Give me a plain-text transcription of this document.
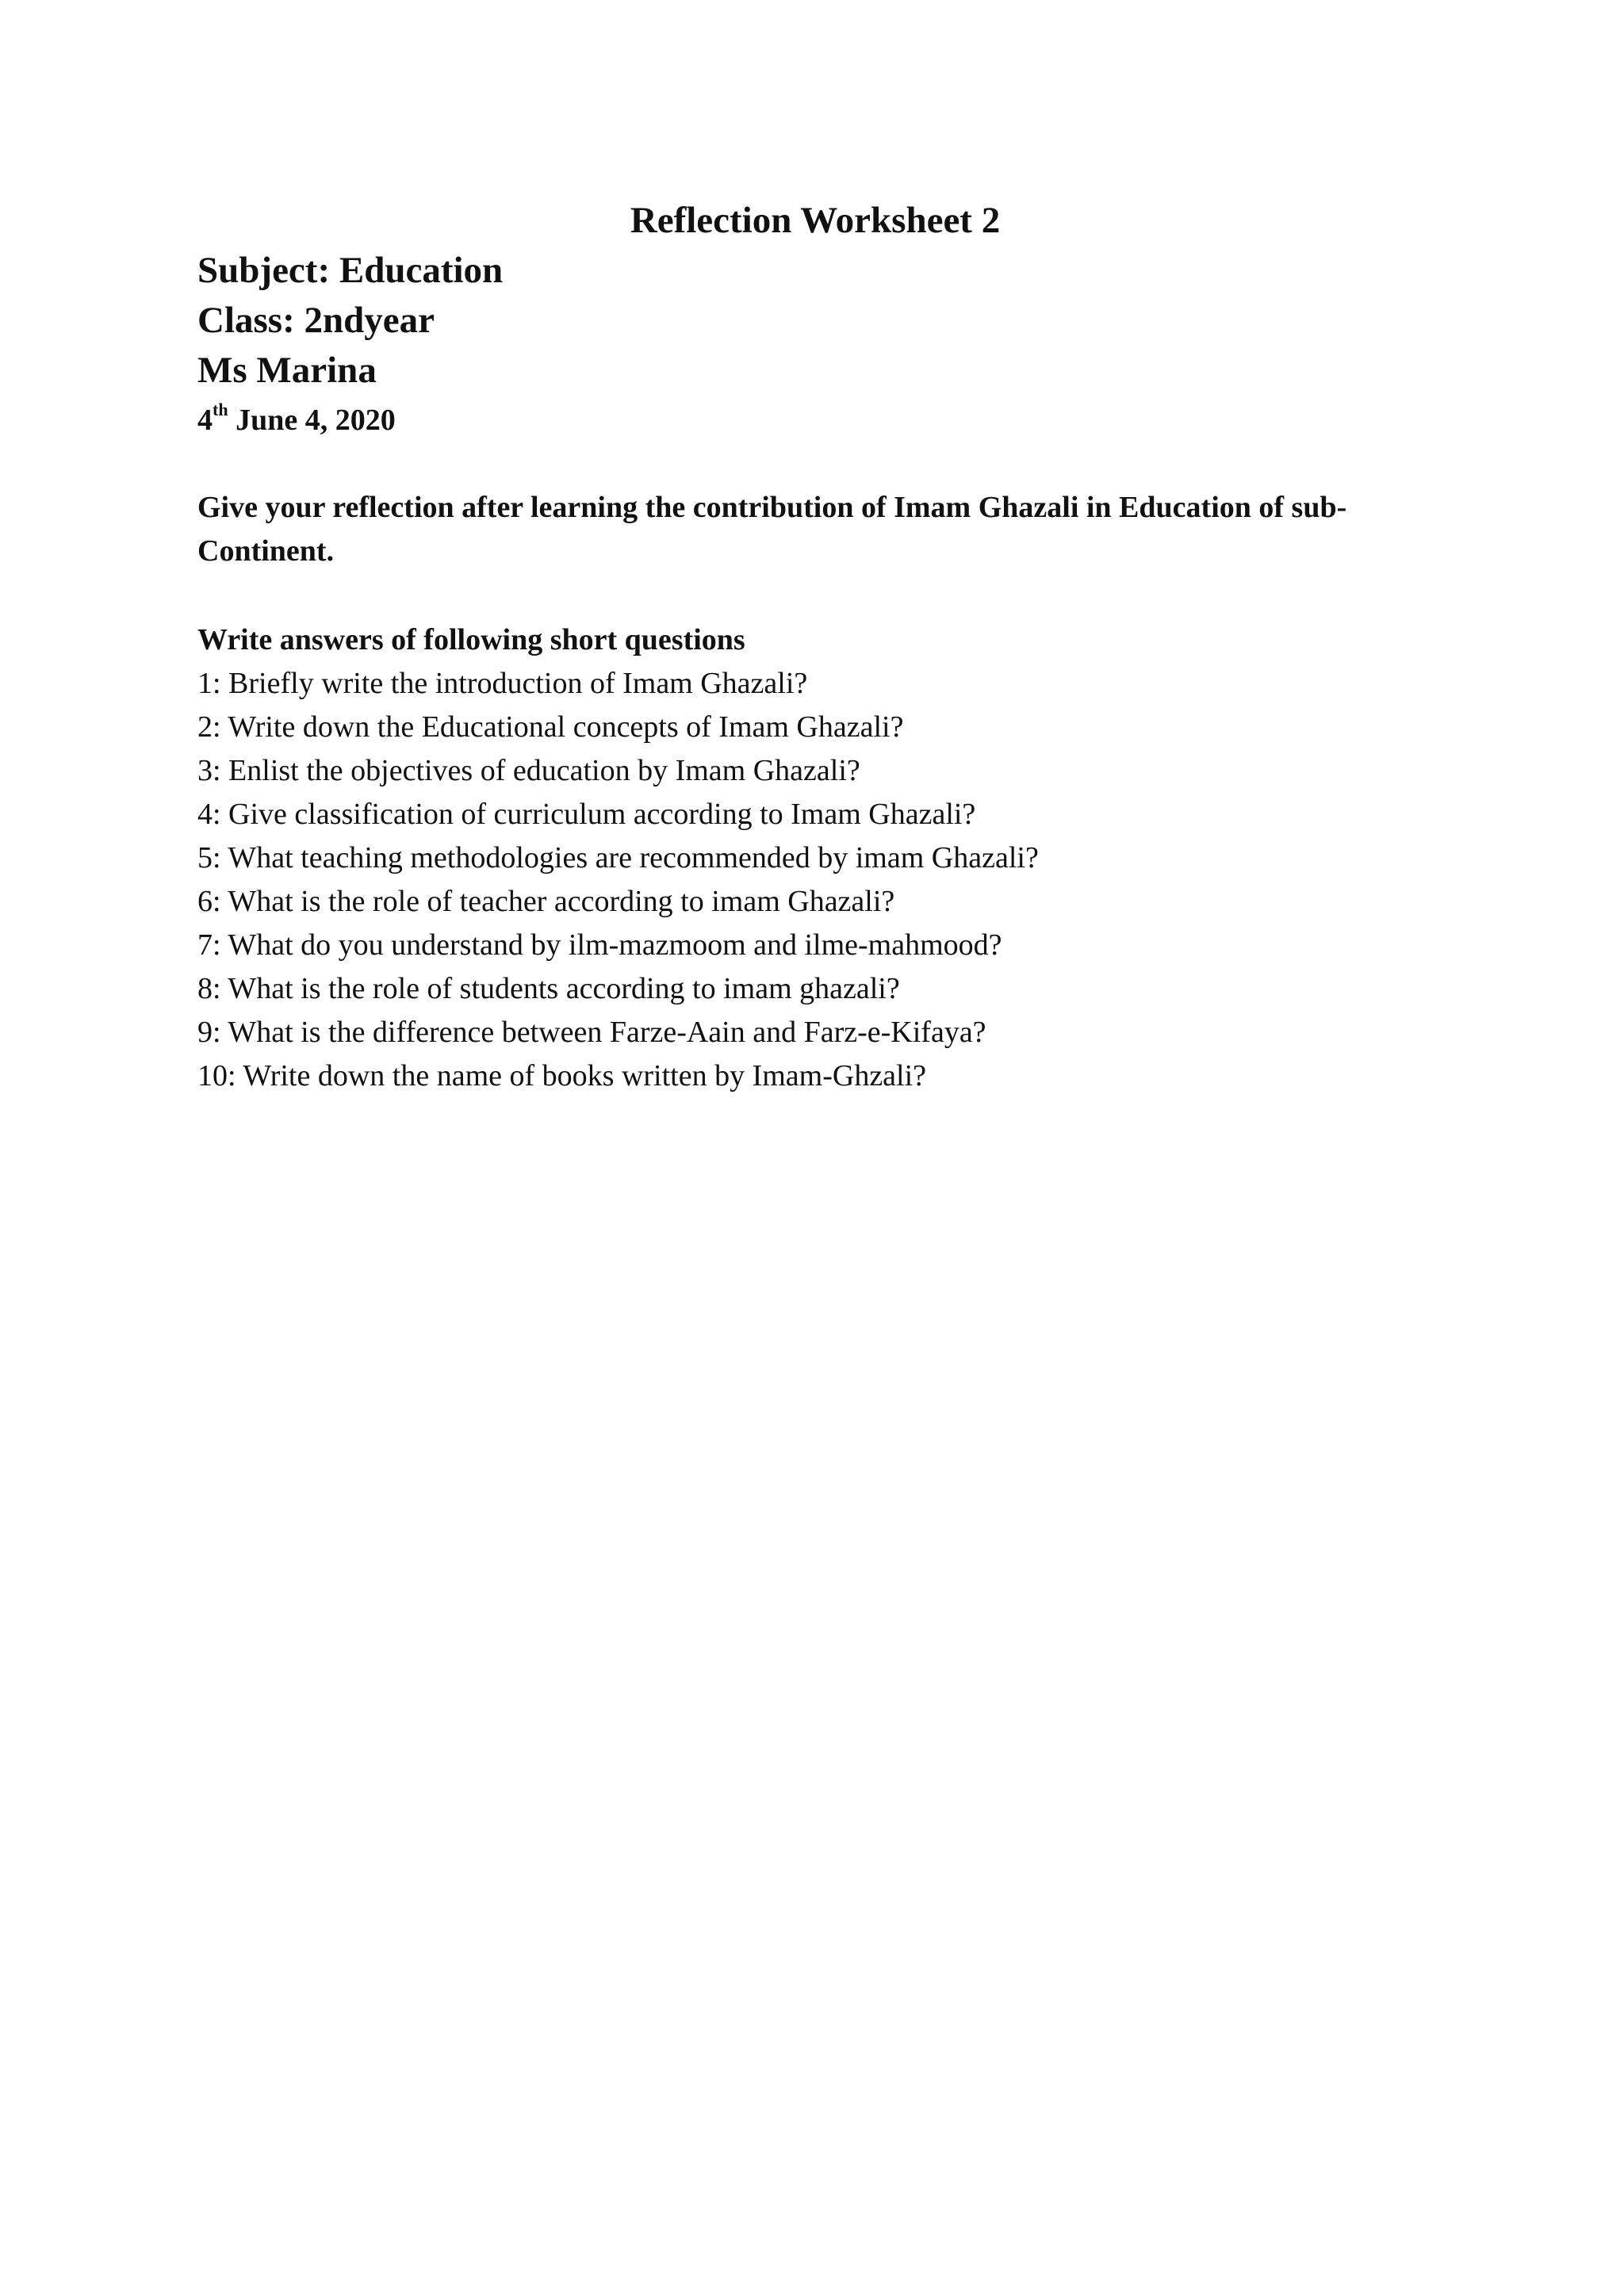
Reflection Worksheet 2
Subject: Education
Class: 2ndyear
Ms Marina
4th June 4, 2020
Give your reflection after learning the contribution of Imam Ghazali in Education of sub-Continent.
Write answers of following short questions
1: Briefly write the introduction of Imam Ghazali?
2: Write down the Educational concepts of Imam Ghazali?
3: Enlist the objectives of education by Imam Ghazali?
4: Give classification of curriculum according to Imam Ghazali?
5: What teaching methodologies are recommended by imam Ghazali?
6: What is the role of teacher according to imam Ghazali?
7: What do you understand by ilm-mazmoom and ilme-mahmood?
8: What is the role of students according to imam ghazali?
9: What is the difference between Farze-Aain and Farz-e-Kifaya?
10: Write down the name of books written by Imam-Ghzali?
